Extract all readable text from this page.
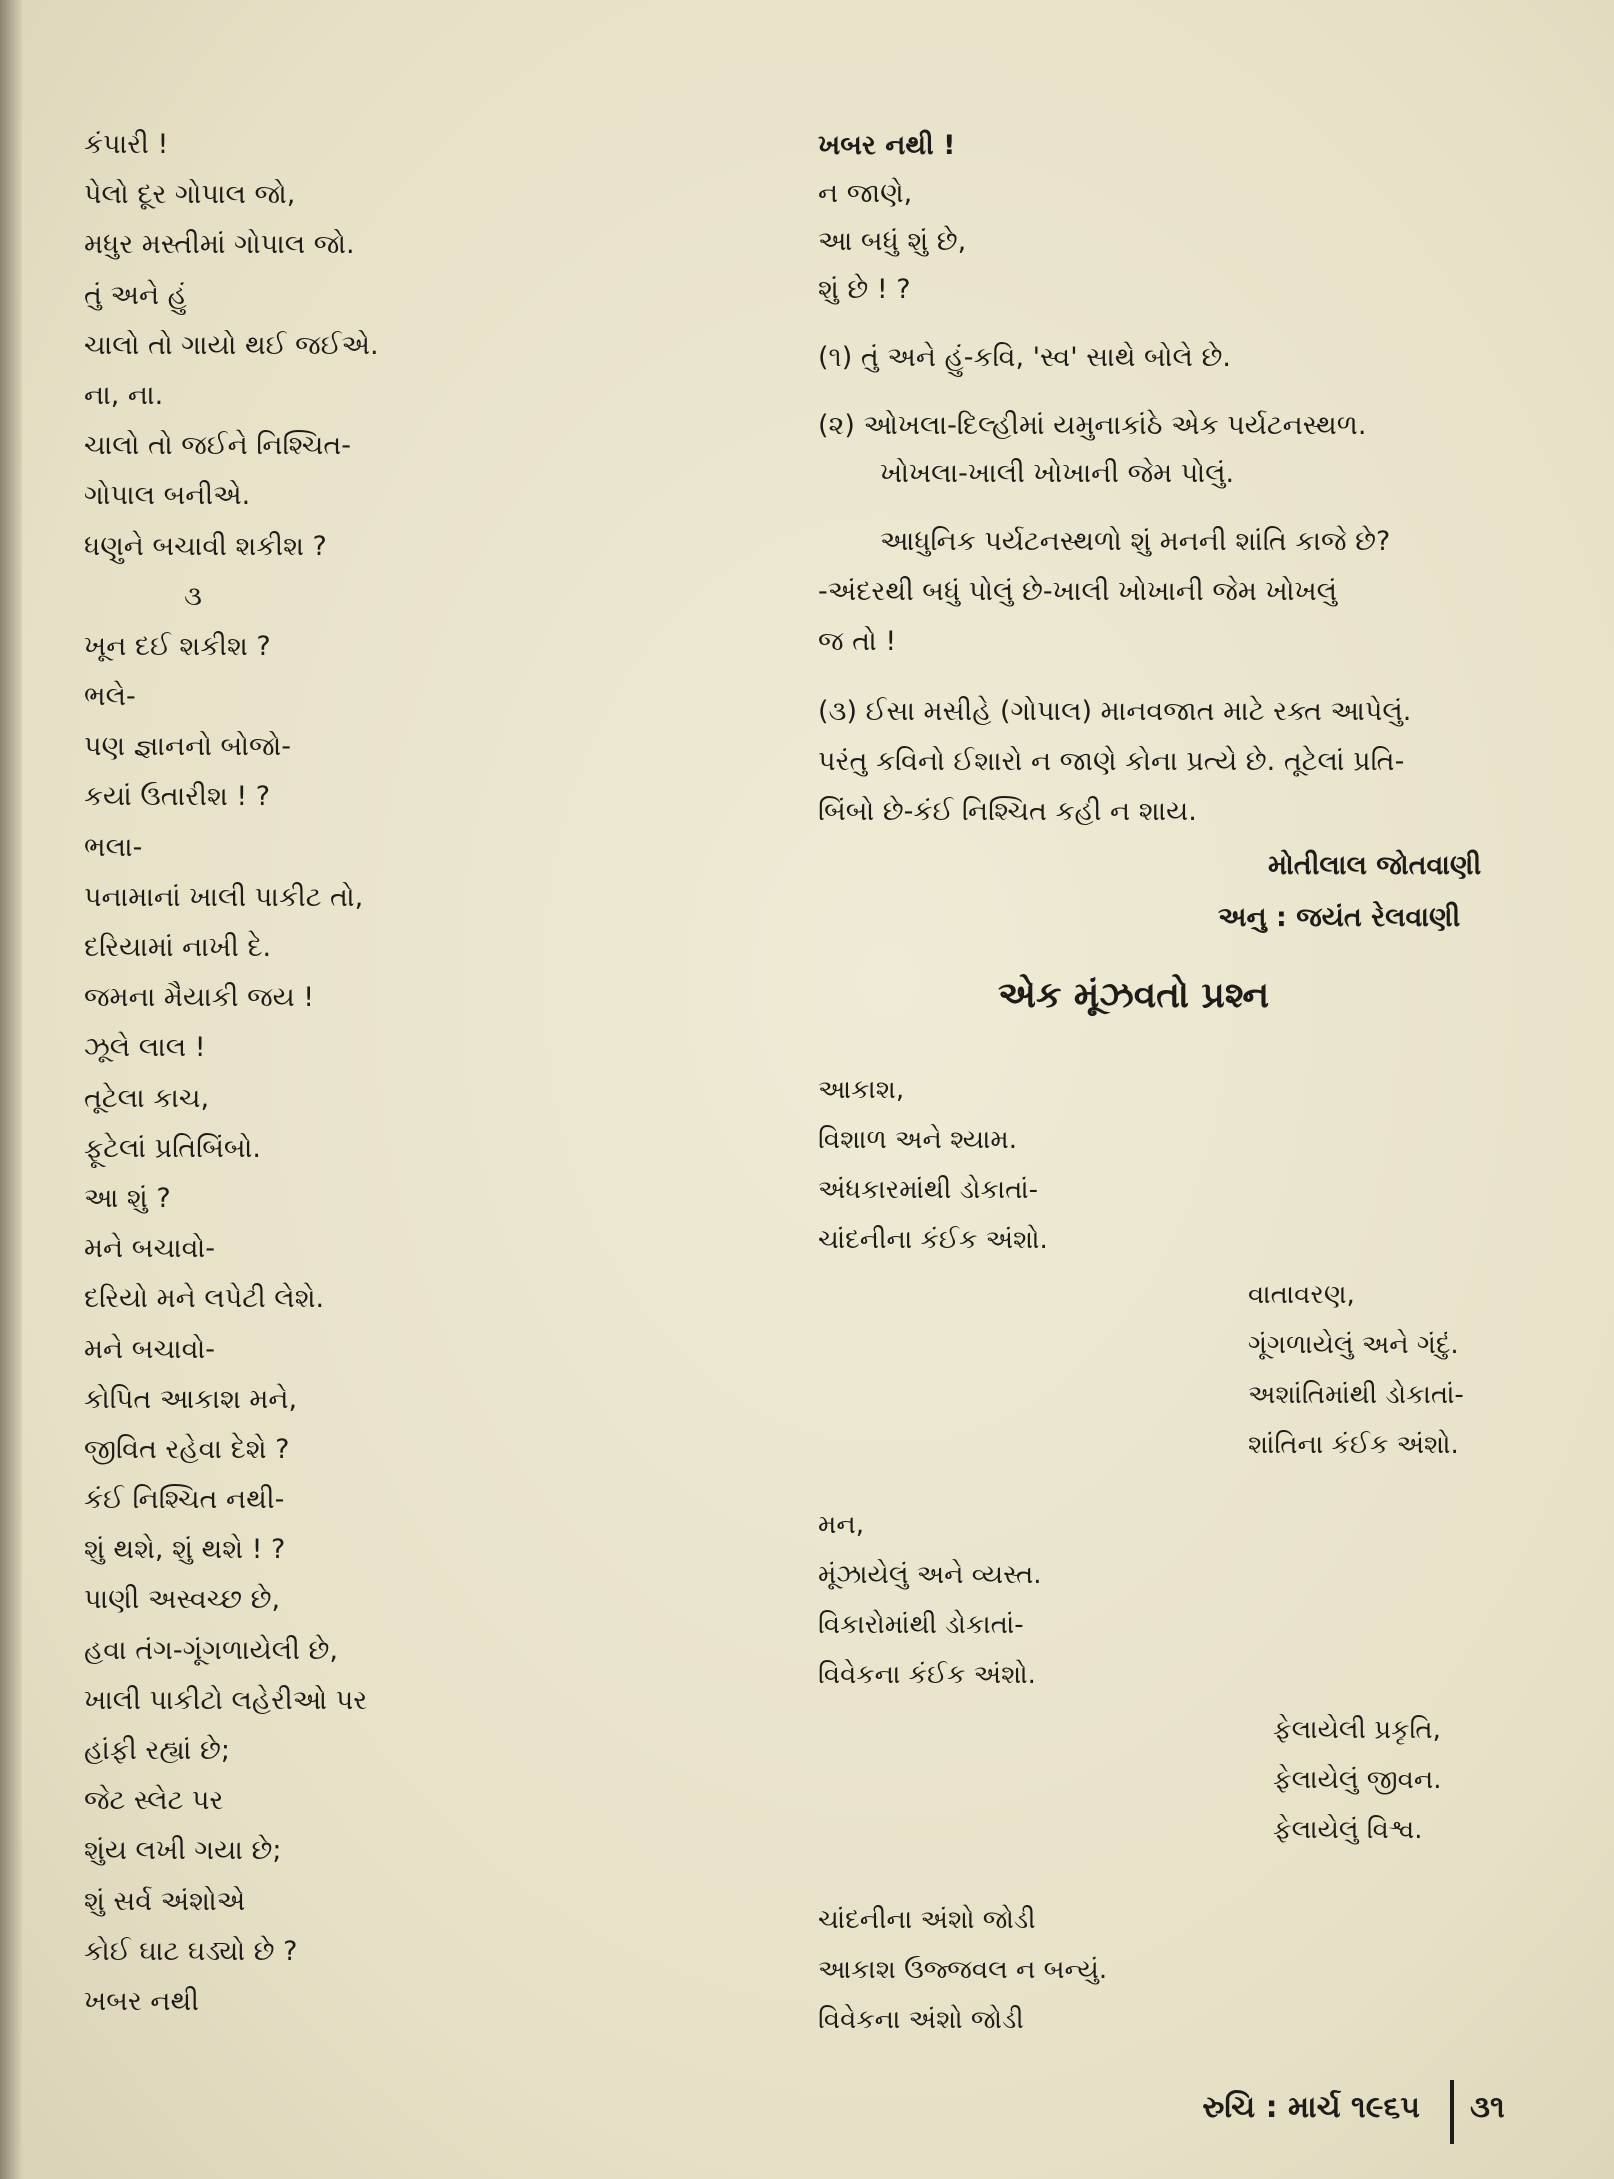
કંપારી !
પેલો દૂર ગોપાલ જો,
મધુર મસ્તીમાં ગોપાલ જો.
તું અને હું
ચાલો તો ગાયો થઈ જઈએ.
ના, ના.
ચાલો તો જઈને નિશ્ચિત-
ગોપાલ બનીએ.
ધણુને બચાવી શકીશ ?
૩
ખૂન દઈ શકીશ ?
ભલે-
પણ જ્ઞાનનો બોજો-
કયાં ઉતારીશ ! ?
ભલા-
પનામાનાં ખાલી પાકીટ તો,
દરિયામાં નાખી દે.
જમના મૈયાકી જય !
ઝૂલે લાલ !
તૂટેલા કાચ,
ફૂટેલાં પ્રતિબિંબો.
આ શું ?
મને બચાવો-
દરિયો મને લપેટી લેશે.
મને બચાવો-
કોપિત આકાશ મને,
જીવિત રહેવા દેશે ?
કંઈ નિશ્ચિત નથી-
શું થશે, શું થશે ! ?
પાણી અસ્વચ્છ છે,
હવા તંગ-ગૂંગળાયેલી છે,
ખાલી પાકીટો લહેરીઓ પર
હાંફી રહ્યાં છે;
જેટ સ્લેટ પર
શુંય લખી ગયા છે;
શું સર્વ અંશોએ
કોઈ ઘાટ ઘડ્યો છે ?
ખબર નથી
ખબર નથી !
ન જાણે,
આ બધું શું છે,
શું છે ! ?
(૧) તું અને હું-કવિ, 'સ્વ' સાથે બોલે છે.
(૨) ઓખલા-દિલ્હીમાં યમુનાકાંઠે એક પર્યટનસ્થળ.
ખોખલા-ખાલી ખોખાની જેમ પોલું.
આધુનિક પર્યટનસ્થળો શું મનની શાંતિ કાજે છે?
-અંદરથી બધું પોલું છે-ખાલી ખોખાની જેમ ખોખલું
જ તો !
(૩) ઈસા મસીહે (ગોપાલ) માનવજાત માટે રક્ત આપેલું.
પરંતુ કવિનો ઈશારો ન જાણે કોના પ્રત્યે છે. તૂટેલાં પ્રતિ-
બિંબો છે-કંઈ નિશ્ચિત કહી ન શાય.
મોતીલાલ જોતવાણી
અનુ : જયંત રેલવાણી
એક મૂંઝવતો પ્રશ્ન
આકાશ,
વિશાળ અને શ્યામ.
અંધકારમાંથી ડોકાતાં-
ચાંદનીના કંઈક અંશો.
વાતાવરણ,
ગૂંગળાયેલું અને ગંદું.
અશાંતિમાંથી ડોકાતાં-
શાંતિના કંઈક અંશો.
મન,
મૂંઝાયેલું અને વ્યસ્ત.
વિકારોમાંથી ડોકાતાં-
વિવેકના કંઈક અંશો.
ફેલાયેલી પ્રકૃતિ,
ફેલાયેલું જીવન.
ફેલાયેલું વિશ્વ.
ચાંદનીના અંશો જોડી
આકાશ ઉજ્જવલ ન બન્યું.
વિવેકના અંશો જોડી
રુચિ : માર્ચ ૧૯૬૫ ૩૧
